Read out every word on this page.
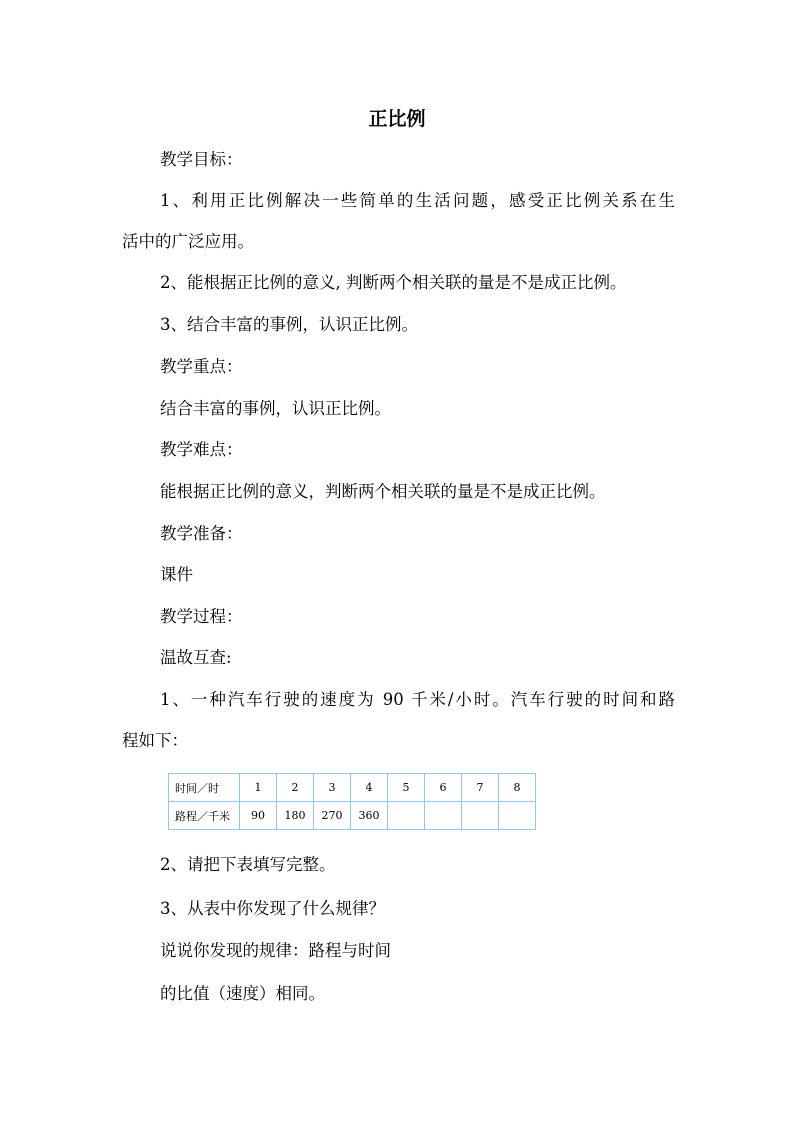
正比例
教学目标：
1、利用正比例解决一些简单的生活问题，感受正比例关系在生
活中的广泛应用。
2、能根据正比例的意义, 判断两个相关联的量是不是成正比例。
3、结合丰富的事例，认识正比例。
教学重点：
结合丰富的事例，认识正比例。
教学难点：
能根据正比例的意义，判断两个相关联的量是不是成正比例。
教学准备：
课件
教学过程：
温故互查:
1、一种汽车行驶的速度为 90 千米/小时。汽车行驶的时间和路
程如下：
时间／时	1	2	3	4	5	6	7	8
路程／千米	90	180	270	360				
2、请把下表填写完整。
3、从表中你发现了什么规律？
说说你发现的规律：路程与时间
的比值（速度）相同。
